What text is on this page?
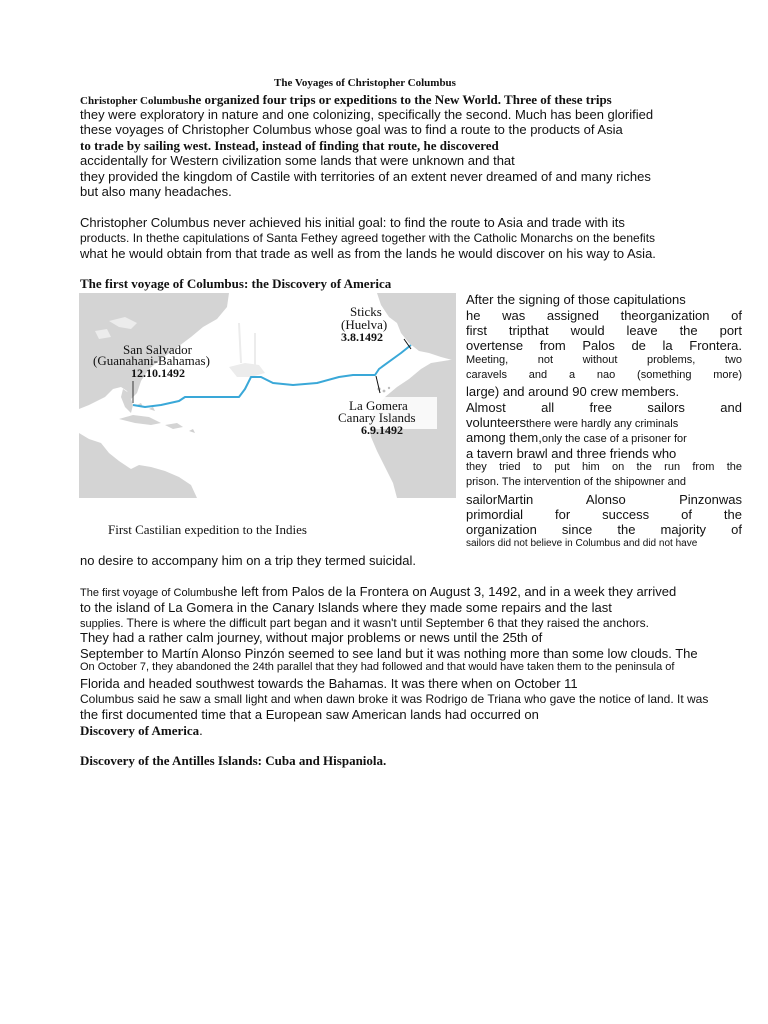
The Voyages of Christopher Columbus
Christopher Columbushe organized four trips or expeditions to the New World. Three of these trips
they were exploratory in nature and one colonizing, specifically the second. Much has been glorified
these voyages of Christopher Columbus whose goal was to find a route to the products of Asia
to trade by sailing west. Instead, instead of finding that route, he discovered
accidentally for Western civilization some lands that were unknown and that
they provided the kingdom of Castile with territories of an extent never dreamed of and many riches
but also many headaches.
Christopher Columbus never achieved his initial goal: to find the route to Asia and trade with its
products. In thethe capitulations of Santa Fethey agreed together with the Catholic Monarchs on the benefits
what he would obtain from that trade as well as from the lands he would discover on his way to Asia.
The first voyage of Columbus: the Discovery of America
Sticks
(Huelva)
3.8.1492
San Salvador
(Guanahani-Bahamas)
12.10.1492
La Gomera
Canary Islands
6.9.1492
First Castilian expedition to the Indies
After the signing of those capitulations
he was assigned theorganization of
first tripthat would leave the port
overtense from Palos de la Frontera.
Meeting, not without problems, two
caravels and a nao (something more)
large) and around 90 crew members.
Almost all free sailors and
volunteersthere were hardly any criminals
among them,only the case of a prisoner for
a tavern brawl and three friends who
they tried to put him on the run from the
prison. The intervention of the shipowner and
sailorMartin Alonso Pinzonwas
primordial for success of the
organization since the majority of
sailors did not believe in Columbus and did not have
no desire to accompany him on a trip they termed suicidal.
The first voyage of Columbushe left from Palos de la Frontera on August 3, 1492, and in a week they arrived
to the island of La Gomera in the Canary Islands where they made some repairs and the last
supplies. There is where the difficult part began and it wasn't until September 6 that they raised the anchors.
They had a rather calm journey, without major problems or news until the 25th of
September to Martín Alonso Pinzón seemed to see land but it was nothing more than some low clouds. The
On October 7, they abandoned the 24th parallel that they had followed and that would have taken them to the peninsula of
Florida and headed southwest towards the Bahamas. It was there when on October 11
Columbus said he saw a small light and when dawn broke it was Rodrigo de Triana who gave the notice of land. It was
the first documented time that a European saw American lands had occurred on
Discovery of America.
Discovery of the Antilles Islands: Cuba and Hispaniola.
